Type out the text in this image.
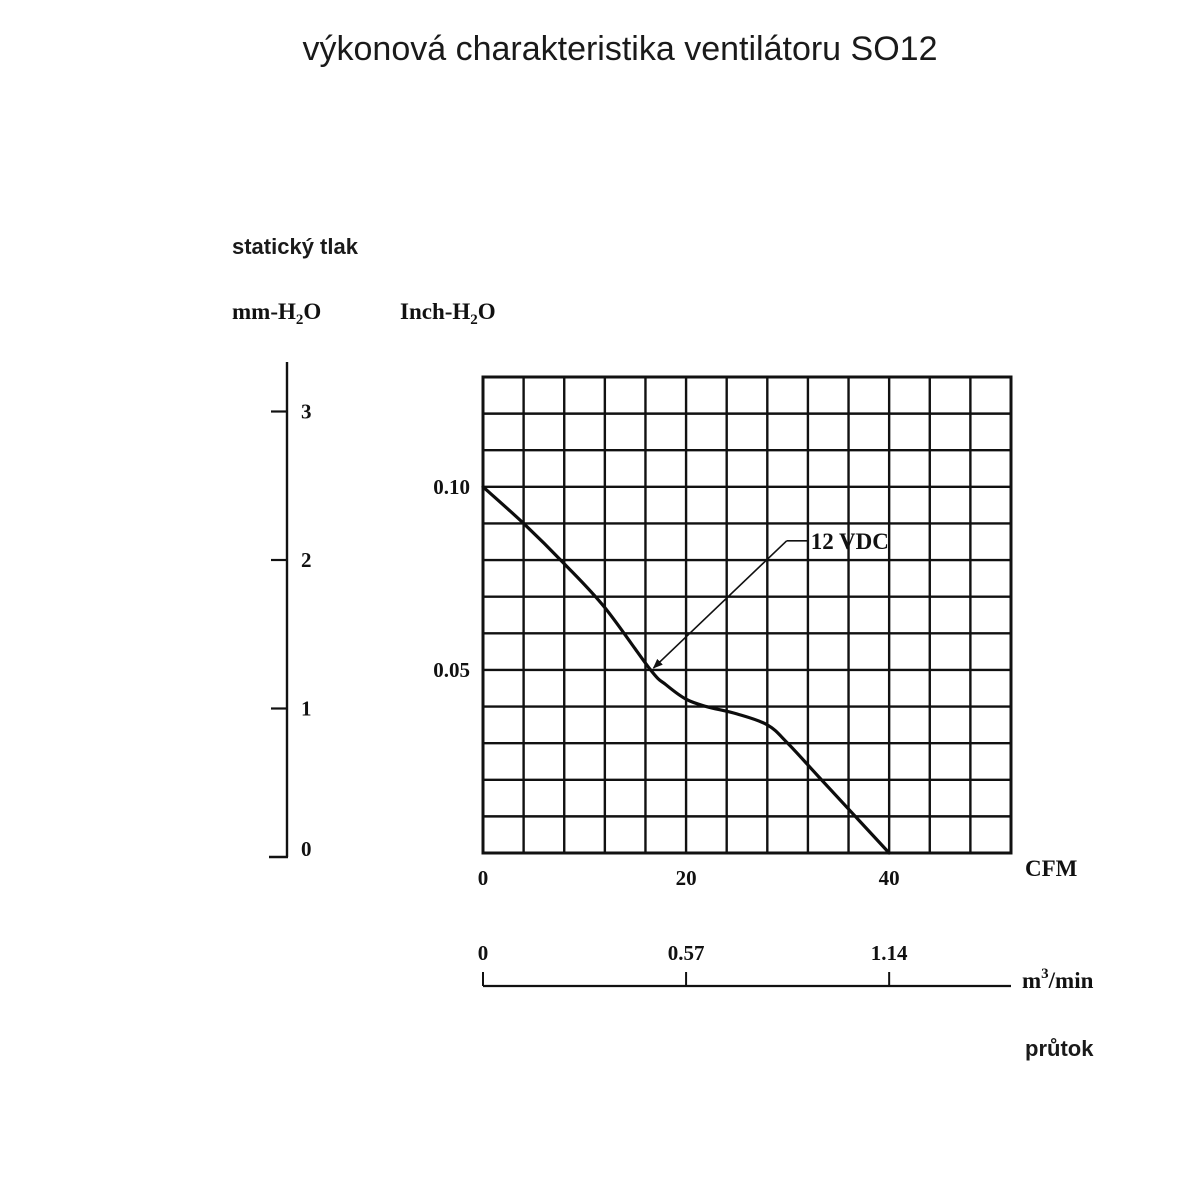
výkonová charakteristika ventilátoru SO12
statický tlak
$mm-H_2O$	Inch-$H_2O$
0
1
2
3
0.10
0.05
0	20	40
12 VDC
CFM
0	0.57	1.14
$m^3/\min$
průtok
